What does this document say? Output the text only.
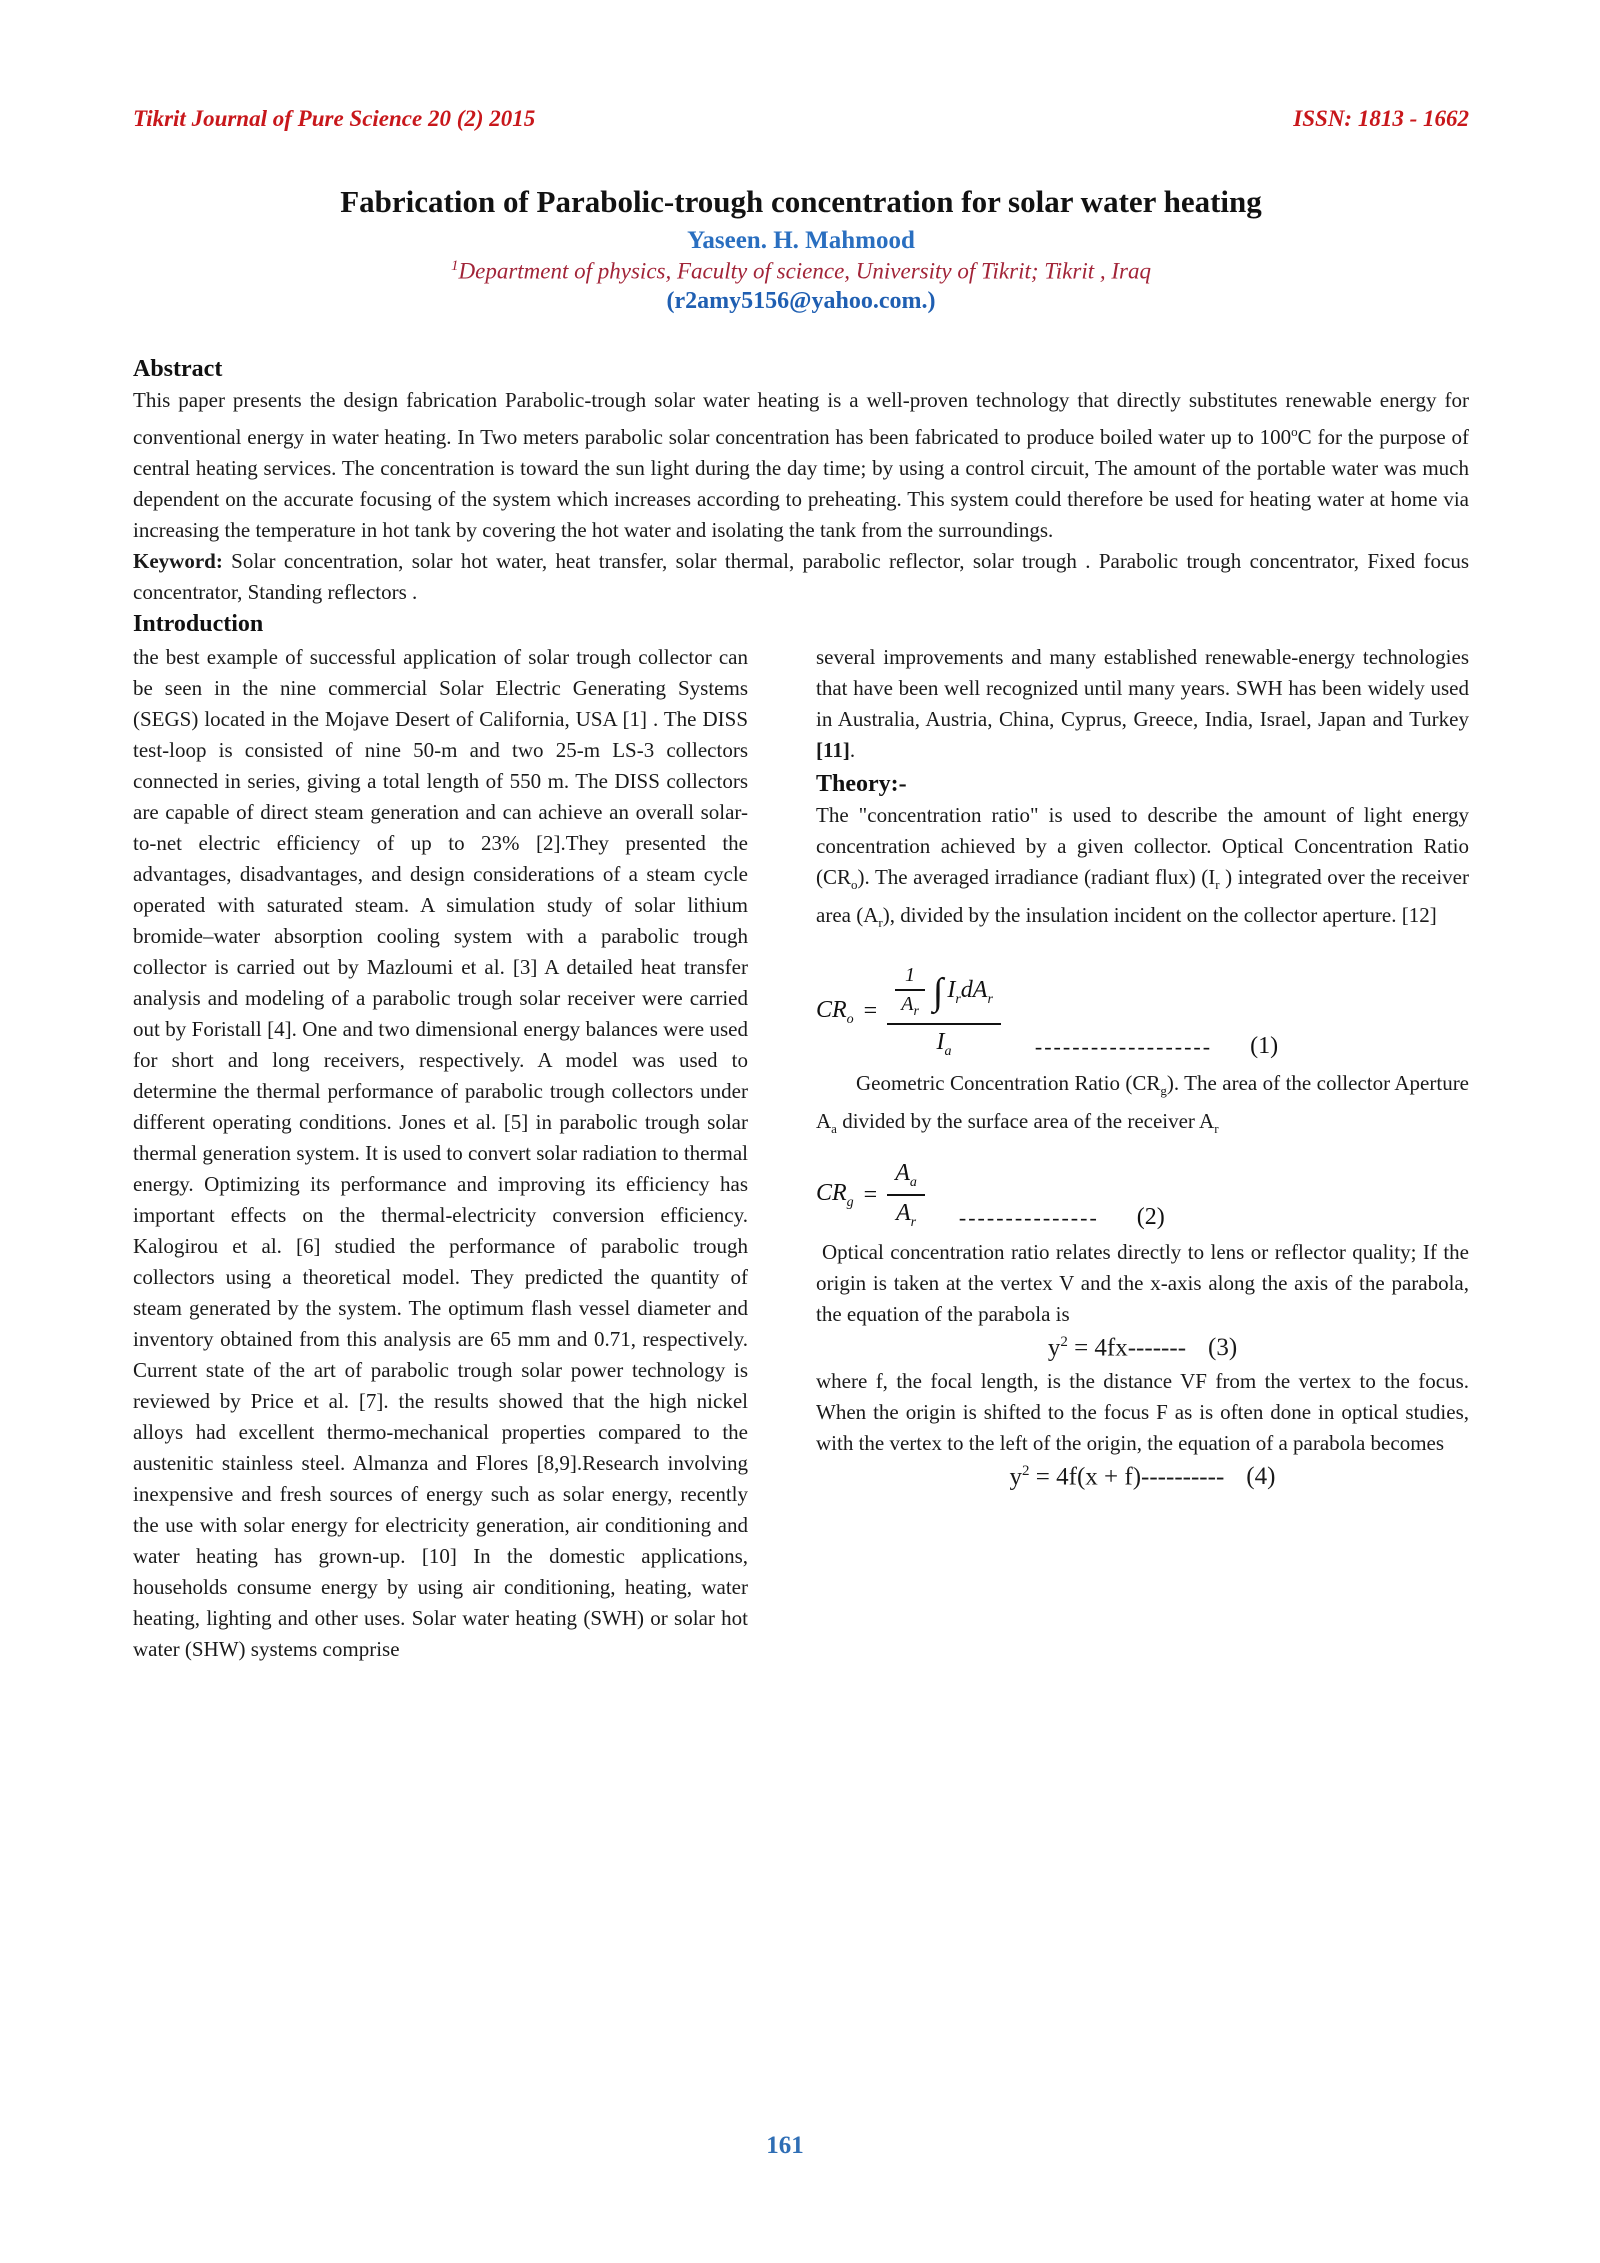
Tikrit Journal of Pure Science 20 (2) 2015	ISSN: 1813 - 1662
Fabrication of Parabolic-trough concentration for solar water heating
Yaseen. H. Mahmood
$^1$Department of physics, Faculty of science, University of Tikrit; Tikrit , Iraq
(r2amy5156@yahoo.com.)
Abstract

This paper presents the design fabrication Parabolic-trough solar water heating is a well-proven technology that directly substitutes renewable energy for conventional energy in water heating. In Two meters parabolic solar concentration has been fabricated to produce boiled water up to 100$^o$C for the purpose of central heating services. The concentration is toward the sun light during the day time; by using a control circuit, The amount of the portable water was much dependent on the accurate focusing of the system which increases according to preheating. This system could therefore be used for heating water at home via increasing the temperature in hot tank by covering the hot water and isolating the tank from the surroundings.

Keyword: Solar concentration, solar hot water, heat transfer, solar thermal, parabolic reflector, solar trough . Parabolic trough concentrator, Fixed focus concentrator, Standing reflectors .

Introduction

the best example of successful application of solar trough collector can be seen in the nine commercial Solar Electric Generating Systems (SEGS) located in the Mojave Desert of California, USA [1] . The DISS test-loop is consisted of nine 50-m and two 25-m LS-3 collectors connected in series, giving a total length of 550 m. The DISS collectors are capable of direct steam generation and can achieve an overall solar-to-net electric efficiency of up to 23% [2].They presented the advantages, disadvantages, and design considerations of a steam cycle operated with saturated steam. A simulation study of solar lithium bromide–water absorption cooling system with a parabolic trough collector is carried out by Mazloumi et al. [3] A detailed heat transfer analysis and modeling of a parabolic trough solar receiver were carried out by Foristall [4]. One and two dimensional energy balances were used for short and long receivers, respectively. A model was used to determine the thermal performance of parabolic trough collectors under different operating conditions. Jones et al. [5] in parabolic trough solar thermal generation system. It is used to convert solar radiation to thermal energy. Optimizing its performance and improving its efficiency has important effects on the thermal-electricity conversion efficiency. Kalogirou et al. [6] studied the performance of parabolic trough collectors using a theoretical model. They predicted the quantity of steam generated by the system. The optimum flash vessel diameter and inventory obtained from this analysis are 65 mm and 0.71, respectively. Current state of the art of parabolic trough solar power technology is reviewed by Price et al. [7]. the results showed that the high nickel alloys had excellent thermo-mechanical properties compared to the austenitic stainless steel. Almanza and Flores [8,9].Research involving inexpensive and fresh sources of energy such as solar energy, recently the use with solar energy for electricity generation, air conditioning and water heating has grown-up. [10] In the domestic applications, households consume energy by using air conditioning, heating, water heating, lighting and other uses. Solar water heating (SWH) or solar hot water (SHW) systems comprise

several improvements and many established renewable-energy technologies that have been well recognized until many years. SWH has been widely used in Australia, Austria, China, Cyprus, Greece, India, Israel, Japan and Turkey [11].

Theory:-

The "concentration ratio" is used to describe the amount of light energy concentration achieved by a given collector. Optical Concentration Ratio $(CR_o)$. The averaged irradiance (radiant flux) ($I_r$ ) integrated over the receiver area $(A_r)$, divided by the insulation incident on the collector aperture. [12]

$CR_o = \frac{1}{A_r}$ ∫ $I_rdA_r$
$I_a$	------------------- (1)

Geometric Concentration Ratio $(CR_g)$. The area of the collector Aperture $A_a$ divided by the surface area of the receiver $A_r$

$CR_g = \frac{A_a}{A_r}$ --------------- (2)

Optical concentration ratio relates directly to lens or reflector quality; If the origin is taken at the vertex V and the x-axis along the axis of the parabola, the equation of the parabola is

$y^2 = 4fx-------$ (3)

where f, the focal length, is the distance VF from the vertex to the focus. When the origin is shifted to the focus F as is often done in optical studies, with the vertex to the left of the origin, the equation of a parabola becomes

$y^2 = 4f(x + f)----------$ (4)
161
